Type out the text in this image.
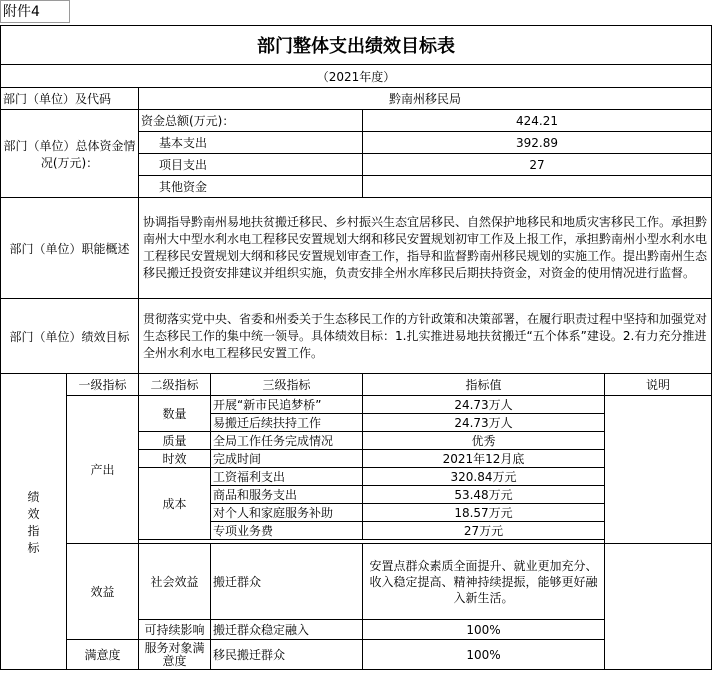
附件4
部门整体支出绩效目标表					
（2021年度）					
部门（单位）及代码		黔南州移民局			
部门（单位）总体资金情况(万元)：		资金总额(万元)：		424.21	
		基本支出		392.89	
		项目支出		27	
		其他资金			
部门（单位）职能概述		协调指导黔南州易地扶贫搬迁移民、乡村振兴生态宜居移民、自然保护地移民和地质灾害移民工作。承担黔南州大中型水利水电工程移民安置规划大纲和移民安置规划初审工作及上报工作，承担黔南州小型水利水电工程移民安置规划大纲和移民安置规划审查工作，指导和监督黔南州移民规划的实施工作。提出黔南州生态移民搬迁投资安排建议并组织实施，负责安排全州水库移民后期扶持资金，对资金的使用情况进行监督。			
部门（单位）绩效目标		贯彻落实党中央、省委和州委关于生态移民工作的方针政策和决策部署，在履行职责过程中坚持和加强党对生态移民工作的集中统一领导。具体绩效目标：1.扎实推进易地扶贫搬迁“五个体系”建设。2.有力充分推进全州水利水电工程移民安置工作。			
绩
效
指
标	一级指标	二级指标	三级指标	指标值	说明
	产出	数量	开展“新市民追梦桥”	24.73万人	
			易搬迁后续扶持工作	24.73万人	
		质量	全局工作任务完成情况	优秀	
		时效	完成时间	2021年12月底	
		成本	工资福利支出	320.84万元	
			商品和服务支出	53.48万元	
			对个人和家庭服务补助	18.57万元	
			专项业务费	27万元	

	效益	社会效益	搬迁群众	安置点群众素质全面提升、就业更加充分、收入稳定提高、精神持续提振，能够更好融入新生活。	
		可持续影响	搬迁群众稳定融入	100%	
	满意度	服务对象满意度	移民搬迁群众	100%	
